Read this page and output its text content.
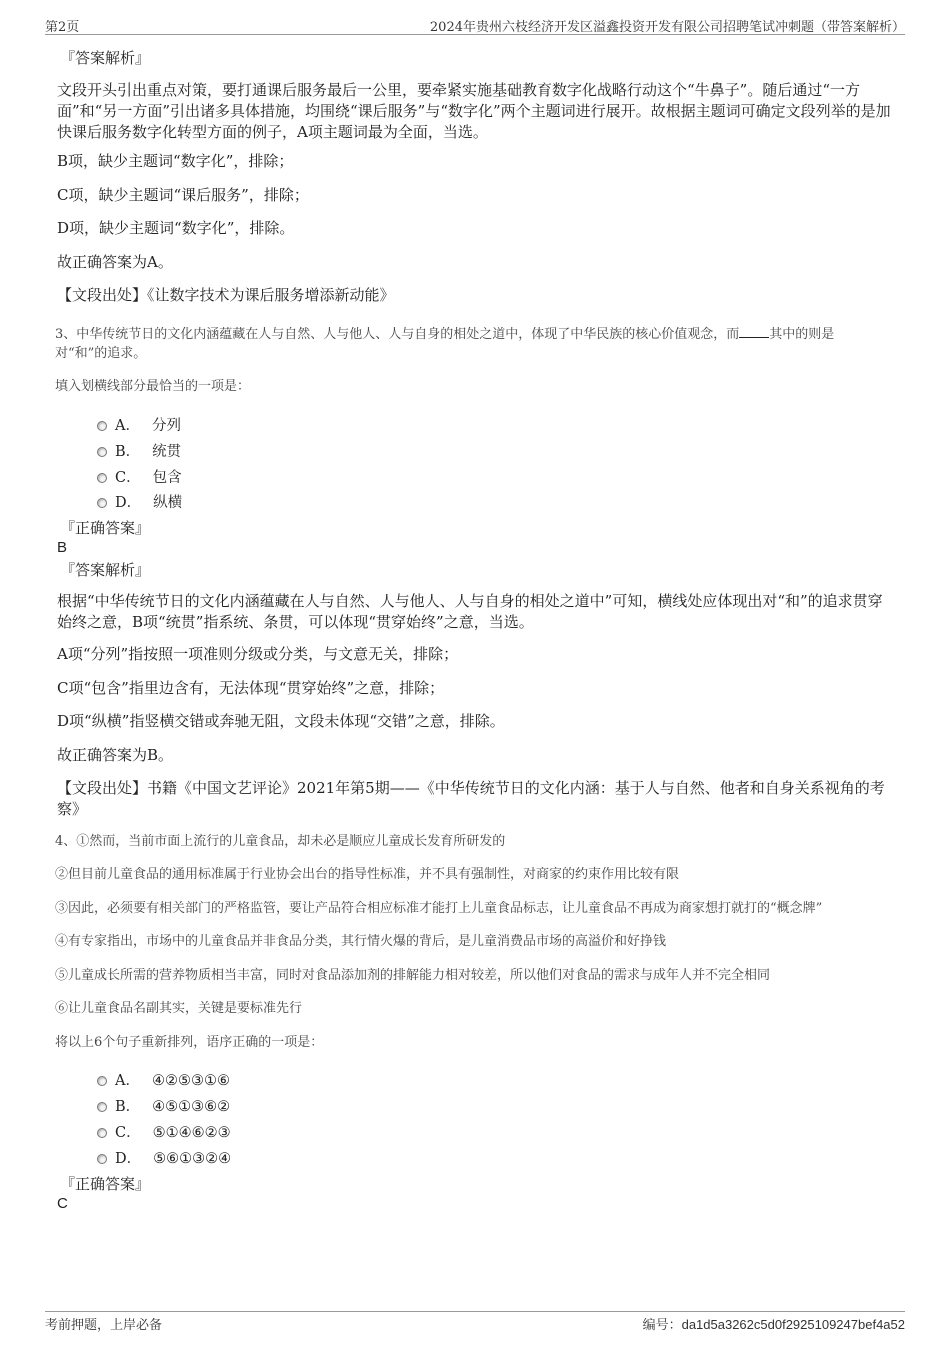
第2页	2024年贵州六枝经济开发区溢鑫投资开发有限公司招聘笔试冲刺题（带答案解析）
『答案解析』

文段开头引出重点对策，要打通课后服务最后一公里，要牵紧实施基础教育数字化战略行动这个“牛鼻子”。随后通过“一方面”和“另一方面”引出诸多具体措施，均围绕“课后服务”与“数字化”两个主题词进行展开。故根据主题词可确定文段列举的是加快课后服务数字化转型方面的例子，A项主题词最为全面，当选。

B项，缺少主题词“数字化”，排除；
C项，缺少主题词“课后服务”，排除；
D项，缺少主题词“数字化”，排除。
故正确答案为A。
【文段出处】《让数字技术为课后服务增添新动能》
3、中华传统节日的文化内涵蕴藏在人与自然、人与他人、人与自身的相处之道中，体现了中华民族的核心价值观念，而 其中的则是
对“和”的追求。
填入划横线部分最恰当的一项是：
A． 分列
B． 统贯
C． 包含
D． 纵横
『正确答案』
B
『答案解析』

根据“中华传统节日的文化内涵蕴藏在人与自然、人与他人、人与自身的相处之道中”可知，横线处应体现出对“和”的追求贯穿始终之意，B项“统贯”指系统、条贯，可以体现“贯穿始终”之意，当选。

A项“分列”指按照一项准则分级或分类，与文意无关，排除；
C项“包含”指里边含有，无法体现“贯穿始终”之意，排除；
D项“纵横”指竖横交错或奔驰无阻，文段未体现“交错”之意，排除。
故正确答案为B。

【文段出处】书籍《中国文艺评论》2021年第5期——《中华传统节日的文化内涵：基于人与自然、他者和自身关系视角的考察》

4、①然而，当前市面上流行的儿童食品，却未必是顺应儿童成长发育所研发的
②但目前儿童食品的通用标准属于行业协会出台的指导性标准，并不具有强制性，对商家的约束作用比较有限
③因此，必须要有相关部门的严格监管，要让产品符合相应标准才能打上儿童食品标志，让儿童食品不再成为商家想打就打的“概念牌”
④有专家指出，市场中的儿童食品并非食品分类，其行情火爆的背后，是儿童消费品市场的高溢价和好挣钱
⑤儿童成长所需的营养物质相当丰富，同时对食品添加剂的排解能力相对较差，所以他们对食品的需求与成年人并不完全相同
⑥让儿童食品名副其实，关键是要标准先行
将以上6个句子重新排列，语序正确的一项是：
A． ④②⑤③①⑥
B． ④⑤①③⑥②
C． ⑤①④⑥②③
D． ⑤⑥①③②④
『正确答案』
C
考前押题，上岸必备	编号：da1d5a3262c5d0f2925109247bef4a52
